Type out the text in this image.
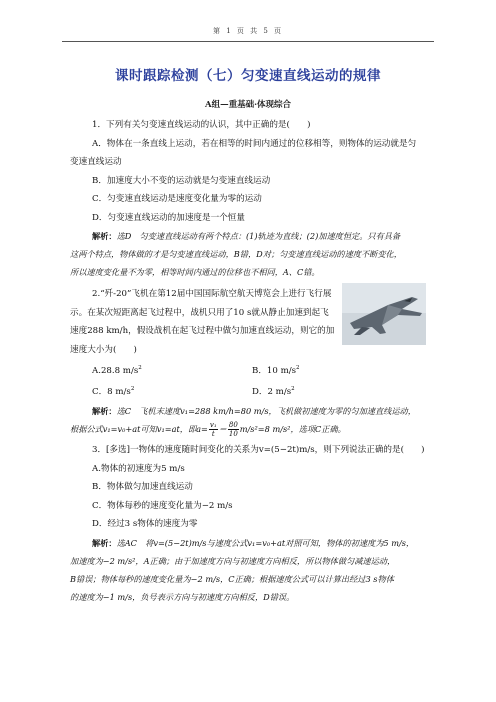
第 1 页 共 5 页
课时跟踪检测（七）匀变速直线运动的规律
A组—重基础·体现综合

1．下列有关匀变速直线运动的认识，其中正确的是(　　)

A．物体在一条直线上运动，若在相等的时间内通过的位移相等，则物体的运动就是匀

变速直线运动

B．加速度大小不变的运动就是匀变速直线运动

C．匀变速直线运动是速度变化量为零的运动

D．匀变速直线运动的加速度是一个恒量

解析：选D　匀变速直线运动有两个特点：(1)轨迹为直线；(2)加速度恒定。只有具备

这两个特点，物体做的才是匀变速直线运动，B错，D对；匀变速直线运动的速度不断变化，

所以速度变化量不为零，相等时间内通过的位移也不相同，A、C错。

2.“歼-20”飞机在第12届中国国际航空航天博览会上进行飞行展

示。在某次短距离起飞过程中，战机只用了10 s就从静止加速到起飞

速度288 km/h，假设战机在起飞过程中做匀加速直线运动，则它的加

速度大小为(　　)

A.28.8 $m/s^2$	B．10 $m/s^2$
C．8 $m/s^2$	D．2 $m/s^2$

解析：选C　飞机末速度v₁=288 km/h=80 m/s，飞机做初速度为零的匀加速直线运动，

根据公式v₁=v₀+at可知v₁=at，即$a= \frac{\text{v₁}}{t} = \frac{80}{10} m/s^2=8$ m/s²，选项C正确。

3．[多选]一物体的速度随时间变化的关系为v=(5−2t)m/s，则下列说法正确的是(　　)

A.物体的初速度为5 m/s

B．物体做匀加速直线运动

C．物体每秒的速度变化量为−2 m/s

D．经过3 s物体的速度为零

解析：选AC　将v=(5−2t)m/s与速度公式v₁=v₀+at对照可知，物体的初速度为5 m/s，

加速度为−2 m/s²，A正确；由于加速度方向与初速度方向相反，所以物体做匀减速运动，

B错误；物体每秒的速度变化量为−2 m/s，C正确；根据速度公式可以计算出经过3 s物体

的速度为−1 m/s，负号表示方向与初速度方向相反，D错误。
